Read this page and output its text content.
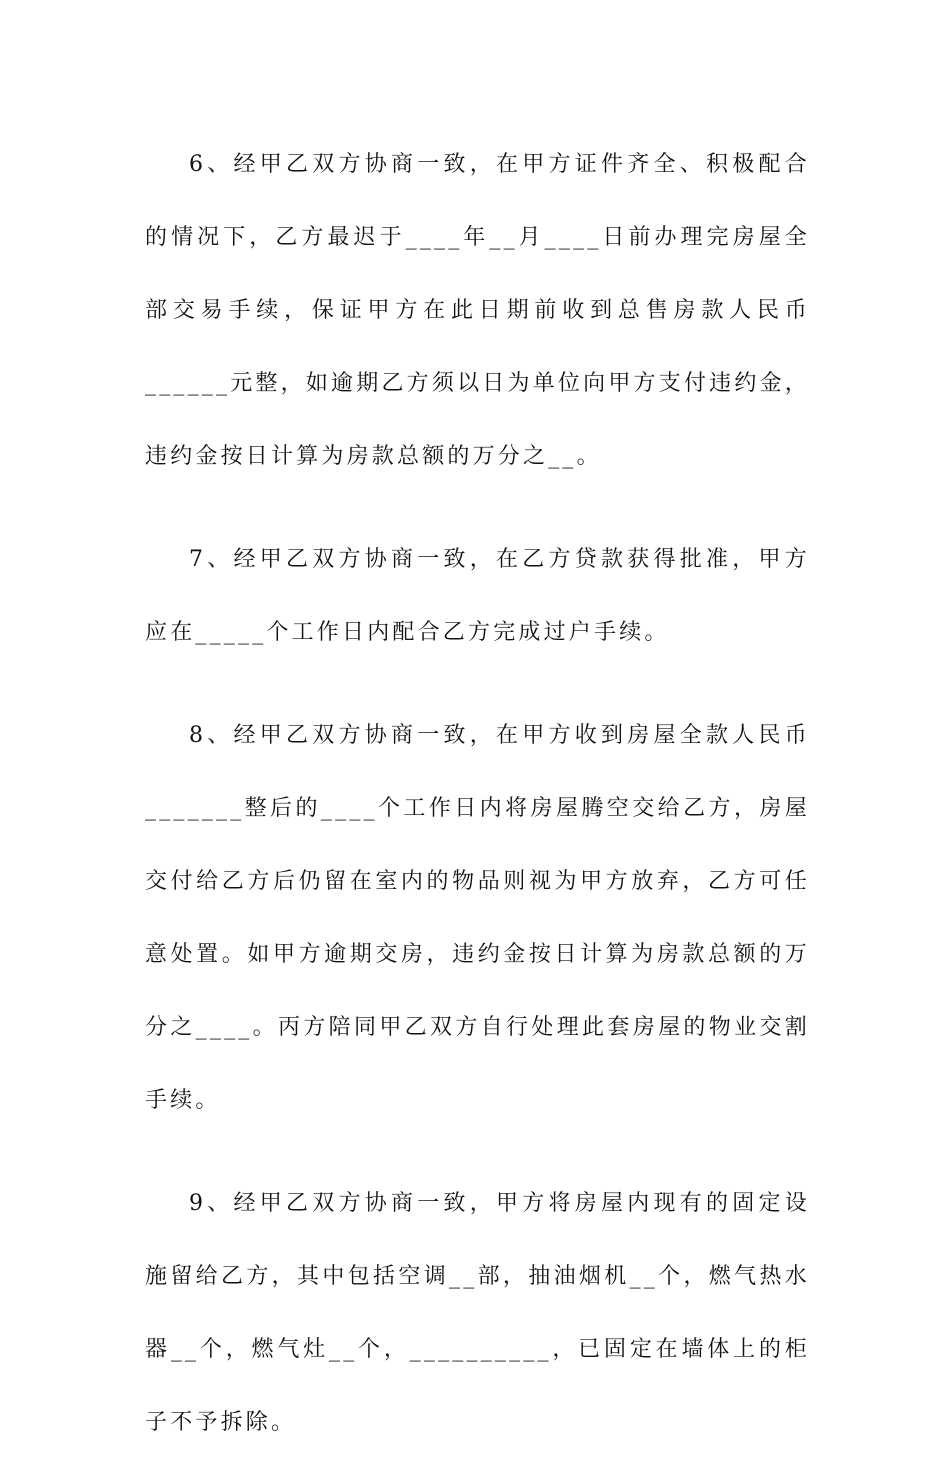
6、经甲乙双方协商一致，在甲方证件齐全、积极配合的情况下，乙方最迟于____年__月____日前办理完房屋全部交易手续，保证甲方在此日期前收到总售房款人民币______元整，如逾期乙方须以日为单位向甲方支付违约金，违约金按日计算为房款总额的万分之__。

7、经甲乙双方协商一致，在乙方贷款获得批准，甲方应在_____个工作日内配合乙方完成过户手续。

8、经甲乙双方协商一致，在甲方收到房屋全款人民币_______整后的____个工作日内将房屋腾空交给乙方，房屋交付给乙方后仍留在室内的物品则视为甲方放弃，乙方可任意处置。如甲方逾期交房，违约金按日计算为房款总额的万分之____。丙方陪同甲乙双方自行处理此套房屋的物业交割手续。

9、经甲乙双方协商一致，甲方将房屋内现有的固定设施留给乙方，其中包括空调__部，抽油烟机__个，燃气热水器__个，燃气灶__个，__________，已固定在墙体上的柜子不予拆除。
